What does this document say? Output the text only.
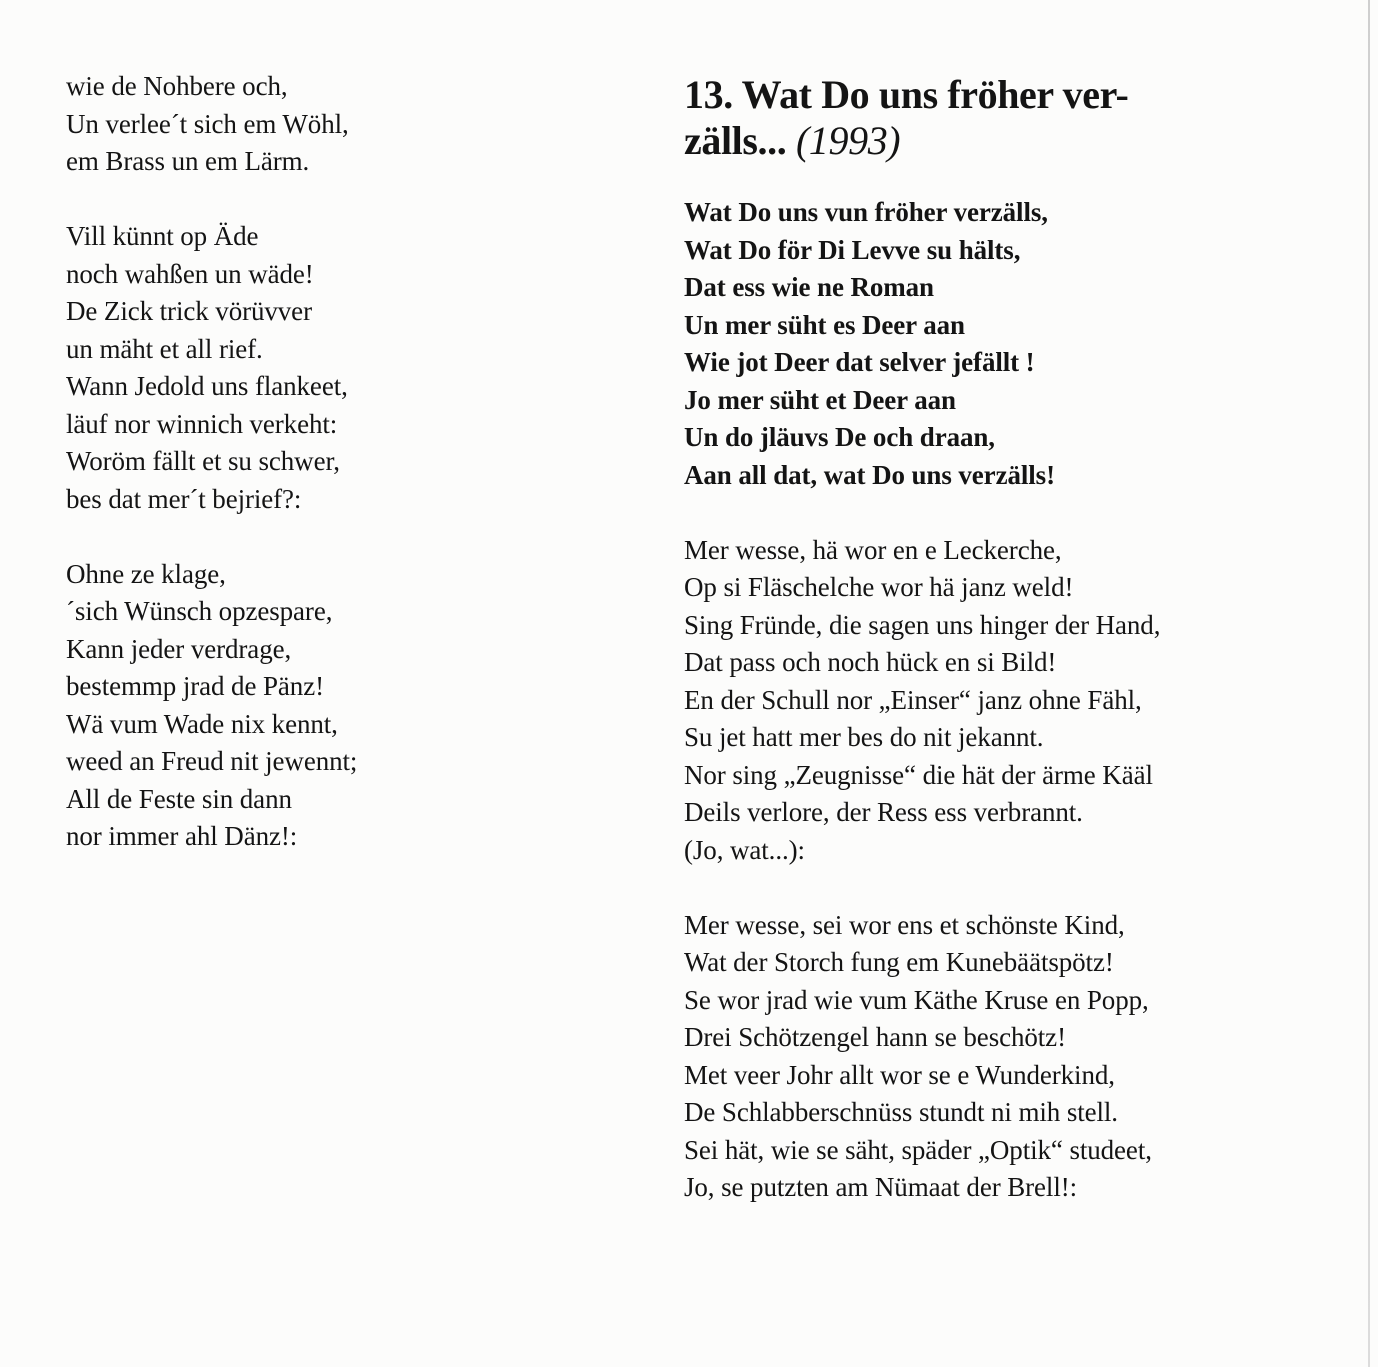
wie de Nohbere och,
Un verlee´t sich em Wöhl,
em Brass un em Lärm.
Vill künnt op Äde
noch wahßen un wäde!
De Zick trick vörüvver
un mäht et all rief.
Wann Jedold uns flankeet,
läuf nor winnich verkeht:
Woröm fällt et su schwer,
bes dat mer´t bejrief?:
Ohne ze klage,
´sich Wünsch opzespare,
Kann jeder verdrage,
bestemmp jrad de Pänz!
Wä vum Wade nix kennt,
weed an Freud nit jewennt;
All de Feste sin dann
nor immer ahl Dänz!:
13. Wat Do uns fröher ver-
zälls... (1993)
Wat Do uns vun fröher verzälls,
Wat Do för Di Levve su hälts,
Dat ess wie ne Roman
Un mer süht es Deer aan
Wie jot Deer dat selver jefällt !
Jo mer süht et Deer aan
Un do jläuvs De och draan,
Aan all dat, wat Do uns verzälls!
Mer wesse, hä wor en e Leckerche,
Op si Fläschelche wor hä janz weld!
Sing Fründe, die sagen uns hinger der Hand,
Dat pass och noch hück en si Bild!
En der Schull nor „Einser“ janz ohne Fähl,
Su jet hatt mer bes do nit jekannt.
Nor sing „Zeugnisse“ die hät der ärme Kääl
Deils verlore, der Ress ess verbrannt.
(Jo, wat...):
Mer wesse, sei wor ens et schönste Kind,
Wat der Storch fung em Kunebäätspötz!
Se wor jrad wie vum Käthe Kruse en Popp,
Drei Schötzengel hann se beschötz!
Met veer Johr allt wor se e Wunderkind,
De Schlabberschnüss stundt ni mih stell.
Sei hät, wie se säht, späder „Optik“ studeet,
Jo, se putzten am Nümaat der Brell!:
